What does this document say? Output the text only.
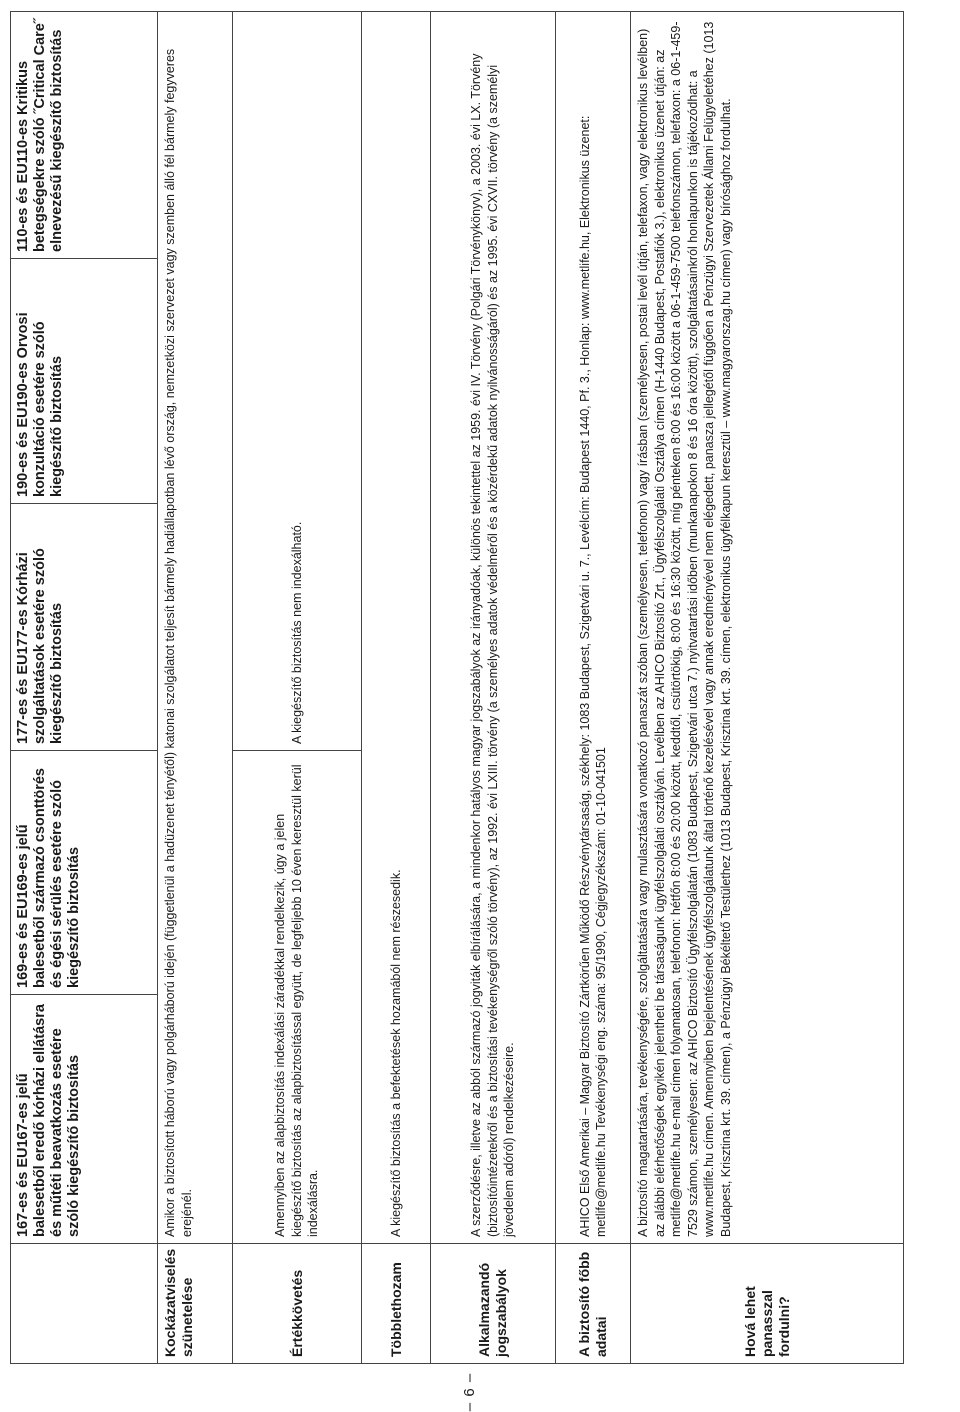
– 6 –
	167-es és EU167-es jelű balesetből eredő kórházi ellátásra és műtéti beavatkozás esetére szóló kiegészítő biztosítás	169-es és EU169-es jelű balesetből származó csonttörés és égési sérülés esetére szóló kiegészítő biztosítás	177-es és EU177-es Kórházi szolgáltatások esetére szóló kiegészítő biztosítás	190-es és EU190-es Orvosi konzultáció esetére szóló kiegészítő biztosítás	110-es és EU110-es Kritikus betegségekre szóló ˝Critical Care˝ elnevezésű kiegészítő biztosítás
Kockázatviselés szünetelése	Amikor a biztosított háború vagy polgárháború idején (függetlenül a hadüzenet tényétől) katonai szolgálatot teljesít bármely hadiállapotban lévő ország, nemzetközi szervezet vagy szemben álló fél bármely fegyveres erejénél.				
Értékkövetés	Amennyiben az alapbiztosítás indexálási záradékkal rendelkezik, úgy a jelen kiegészítő biztosítás az alapbiztosítással együtt, de legfeljebb 10 éven keresztül kerül indexálásra.		A kiegészítő biztosítás nem indexálható.		
Többlethozam	A kiegészítő biztosítás a befektetések hozamából nem részesedik.				
Alkalmazandó jogszabályok	A szerződésre, illetve az abból származó jogviták elbírálására, a mindenkor hatályos magyar jogszabályok az irányadóak, különös tekintettel az 1959. évi IV. Törvény (Polgári Törvénykönyv), a 2003. évi LX. Törvény (biztosítóintézetekről és a biztosítási tevékenységről szóló törvény), az 1992. évi LXIII. törvény (a személyes adatok védelméről és a közérdekű adatok nyilvánosságáról) és az 1995. évi CXVII. törvény (a személyi jövedelem adóról) rendelkezéseire.				
A biztosító főbb adatai	AHICO Első Amerikai – Magyar Biztosító Zártkörűen Működő Részvénytársaság, székhely: 1083 Budapest, Szigetvári u. 7., Levélcím: Budapest 1440, Pf. 3., Honlap: www.metlife.hu, Elektronikus üzenet: metlife@metlife.hu Tevékenységi eng. száma: 95/1990, Cégjegyzékszám: 01-10-041501				
Hová lehet panasszal fordulni?	A biztosító magatartására, tevékenységére, szolgáltatására vagy mulasztására vonatkozó panaszát szóban (személyesen, telefonon) vagy írásban (személyesen, postai levél útján, telefaxon, vagy elektronikus levélben) az alábbi elérhetőségek egyikén jelentheti be társaságunk ügyfélszolgálati osztályán. Levélben az AHICO Biztosító Zrt., Ügyfélszolgálati Osztálya címen (H-1440 Budapest, Postafiók 3.), elektronikus üzenet útján: az metlife@metlife.hu e-mail címen folyamatosan, telefonon: hétfőn 8:00 és 20:00 között, keddtől, csütörtökig, 8:00 és 16:30 között, míg pénteken 8:00 és 16:00 között a 06-1-459-7500 telefonszámon, telefaxon: a 06-1-459-7529 számon, személyesen: az AHICO Biztosító Ügyfélszolgálatán (1083 Budapest, Szigetvári utca 7.) nyitvatartási időben (munkanapokon 8 és 16 óra között), szolgáltatásainkról honlapunkon is tájékozódhat: a www.metlife.hu címen. Amennyiben bejelentésének ügyfélszolgálatunk által történő kezelésével vagy annak eredményével nem elégedett, panasza jellegétől függően a Pénzügyi Szervezetek Állami Felügyeletéhez (1013 Budapest, Krisztina krt. 39. címen), a Pénzügyi Békéltető Testülethez (1013 Budapest, Krisztina krt. 39. címen, elektronikus ügyfélkapun keresztül – www.magyarorszag.hu címen) vagy bírósághoz fordulhat.				
